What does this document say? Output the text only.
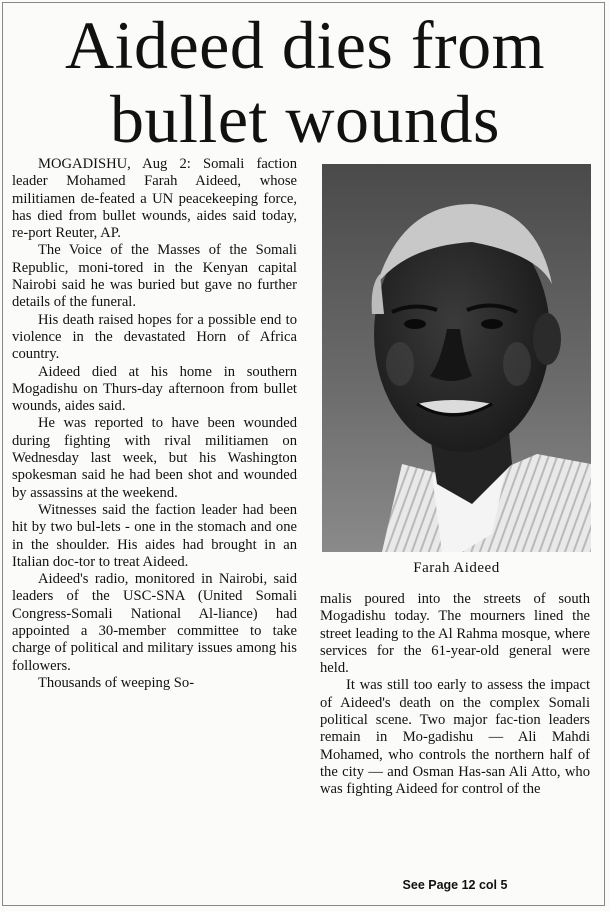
Aideed dies from bullet wounds

MOGADISHU, Aug 2: Somali faction leader Mohamed Farah Aideed, whose militiamen de-feated a UN peacekeeping force, has died from bullet wounds, aides said today, re-port Reuter, AP.

The Voice of the Masses of the Somali Republic, moni-tored in the Kenyan capital Nairobi said he was buried but gave no further details of the funeral.

His death raised hopes for a possible end to violence in the devastated Horn of Africa country.

Aideed died at his home in southern Mogadishu on Thurs-day afternoon from bullet wounds, aides said.

He was reported to have been wounded during fighting with rival militiamen on Wednesday last week, but his Washington spokesman said he had been shot and wounded by assassins at the weekend.

Witnesses said the faction leader had been hit by two bul-lets - one in the stomach and one in the shoulder. His aides had brought in an Italian doc-tor to treat Aideed.

Aideed's radio, monitored in Nairobi, said leaders of the USC-SNA (United Somali Congress-Somali National Al-liance) had appointed a 30-member committee to take charge of political and military issues among his followers.

Thousands of weeping So-

Farah Aideed

malis poured into the streets of south Mogadishu today. The mourners lined the street leading to the Al Rahma mosque, where services for the 61-year-old general were held.

It was still too early to assess the impact of Aideed's death on the complex Somali political scene. Two major fac-tion leaders remain in Mo-gadishu — Ali Mahdi Mohamed, who controls the northern half of the city — and Osman Has-san Ali Atto, who was fighting Aideed for control of the

See Page 12 col 5
